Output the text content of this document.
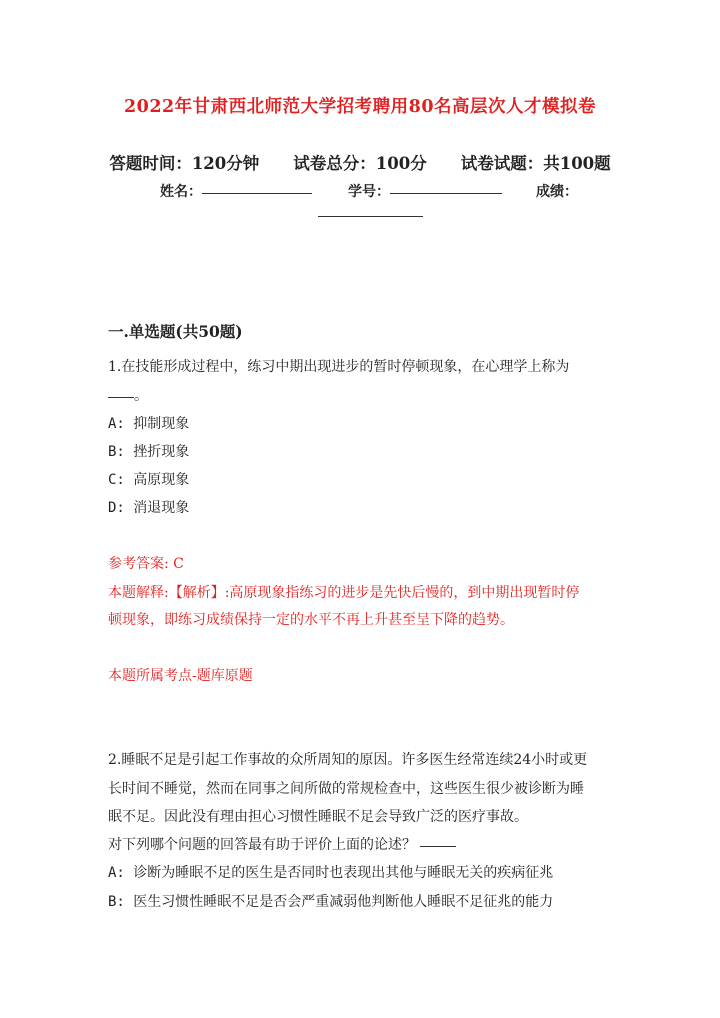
2022年甘肃西北师范大学招考聘用80名高层次人才模拟卷
答题时间：120分钟 试卷总分：100分 试卷试题：共100题
姓名：	学号：	成绩：
一.单选题(共50题)
1.在技能形成过程中，练习中期出现进步的暂时停顿现象，在心理学上称为
。
A: 抑制现象
B: 挫折现象
C: 高原现象
D: 消退现象
参考答案: C
本题解释:【解析】:高原现象指练习的进步是先快后慢的，到中期出现暂时停
顿现象，即练习成绩保持一定的水平不再上升甚至呈下降的趋势。
本题所属考点-题库原题
2.睡眠不足是引起工作事故的众所周知的原因。许多医生经常连续24小时或更
长时间不睡觉，然而在同事之间所做的常规检查中，这些医生很少被诊断为睡
眠不足。因此没有理由担心习惯性睡眠不足会导致广泛的医疗事故。
对下列哪个问题的回答最有助于评价上面的论述？
A: 诊断为睡眠不足的医生是否同时也表现出其他与睡眠无关的疾病征兆
B: 医生习惯性睡眠不足是否会严重减弱他判断他人睡眠不足征兆的能力
